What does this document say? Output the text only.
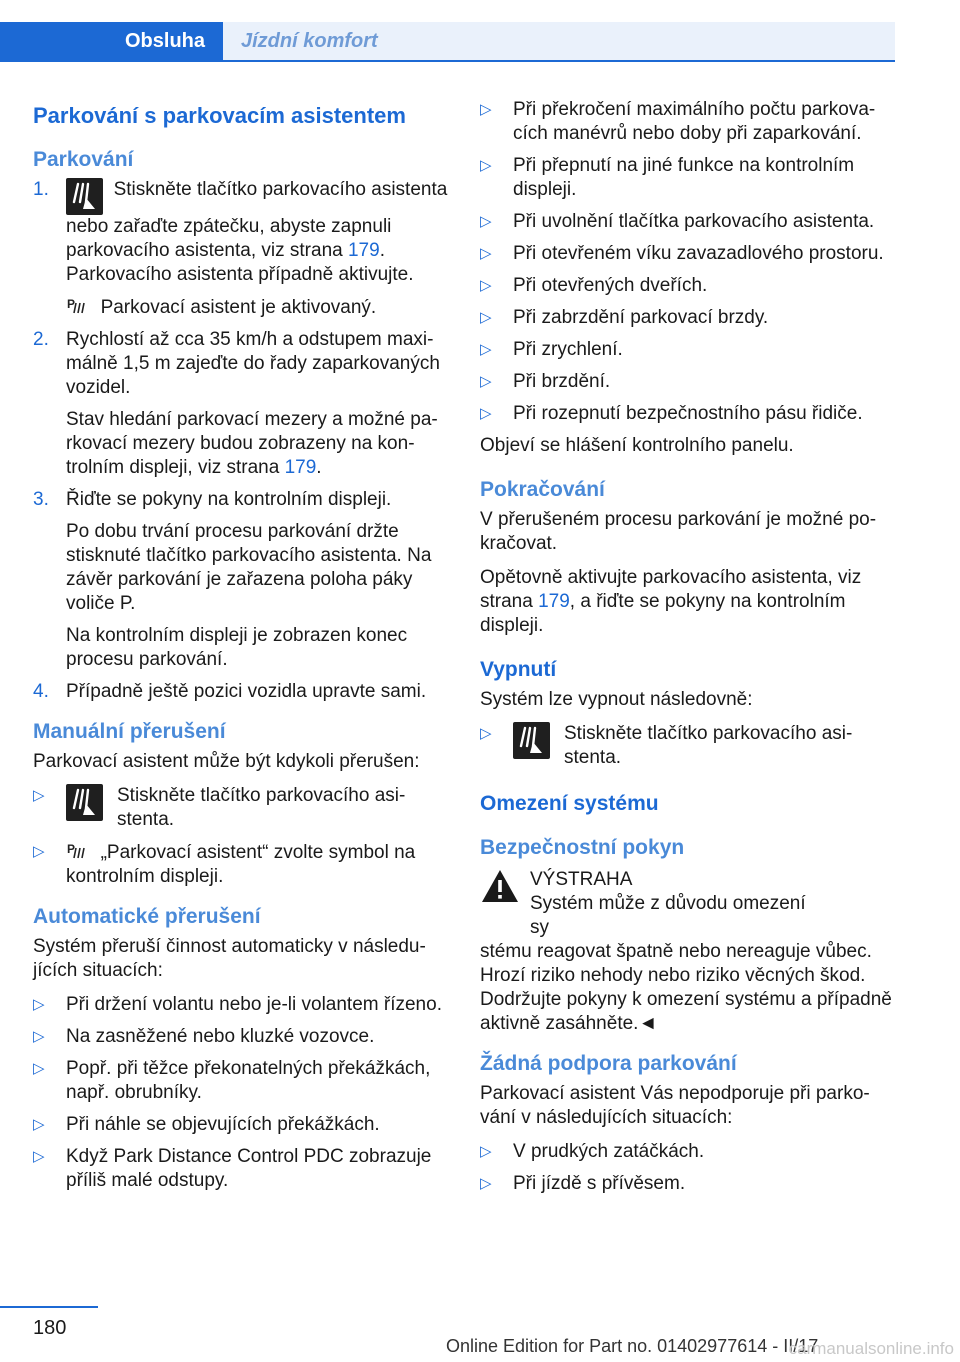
Obsluha	Jízdní komfort
Parkování s parkovacím asistentem
Parkování
1.	Stiskněte tlačítko parkovacího asistenta nebo zařaďte zpátečku, abyste zapnuli parkovacího asistenta, viz strana 179.
Parkovacího asistenta případně aktivujte.
P Parkovací asistent je aktivovaný.
2. Rychlostí až cca 35 km/h a odstupem maximálně 1,5 m zajeďte do řady zaparkovaných vozidel.
Stav hledání parkovací mezery a možné parkovací mezery budou zobrazeny na kontrolním displeji, viz strana 179.
3. Řiďte se pokyny na kontrolním displeji.
Po dobu trvání procesu parkování držte stisknuté tlačítko parkovacího asistenta. Na závěr parkování je zařazena poloha páky voliče P.
Na kontrolním displeji je zobrazen konec procesu parkování.
4. Případně ještě pozici vozidla upravte sami.
Manuální přerušení
Parkovací asistent může být kdykoli přerušen:
▷	Stiskněte tlačítko parkovacího asistenta.
▷	P „Parkovací asistent“ zvolte symbol na kontrolním displeji.
Automatické přerušení
Systém přeruší činnost automaticky v následujících situacích:
▷	Při držení volantu nebo je-li volantem řízeno.
▷	Na zasněžené nebo kluzké vozovce.
▷	Popř. při těžce překonatelných překážkách, např. obrubníky.
▷	Při náhle se objevujících překážkách.
▷	Když Park Distance Control PDC zobrazuje příliš malé odstupy.
▷	Při překročení maximálního počtu parkovacích manévrů nebo doby při zaparkování.
▷	Při přepnutí na jiné funkce na kontrolním displeji.
▷	Při uvolnění tlačítka parkovacího asistenta.
▷	Při otevřeném víku zavazadlového prostoru.
▷	Při otevřených dveřích.
▷	Při zabrzdění parkovací brzdy.
▷	Při zrychlení.
▷	Při brzdění.
▷	Při rozepnutí bezpečnostního pásu řidiče.
Objeví se hlášení kontrolního panelu.
Pokračování
V přerušeném procesu parkování je možné pokračovat.
Opětovně aktivujte parkovacího asistenta, viz strana 179, a řiďte se pokyny na kontrolním displeji.
Vypnutí
Systém lze vypnout následovně:
▷	Stiskněte tlačítko parkovacího asistenta.
Omezení systému
Bezpečnostní pokyn
VÝSTRAHA
Systém může z důvodu omezení sy
stému reagovat špatně nebo nereaguje vůbec. Hrozí riziko nehody nebo riziko věcných škod. Dodržujte pokyny k omezení systému a případně aktivně zasáhněte.◄
Žádná podpora parkování
Parkovací asistent Vás nepodporuje při parkování v následujících situacích:
▷	V prudkých zatáčkách.
▷	Při jízdě s přívěsem.
180
Online Edition for Part no. 01402977614 - II/17
carmanualsonline.info
